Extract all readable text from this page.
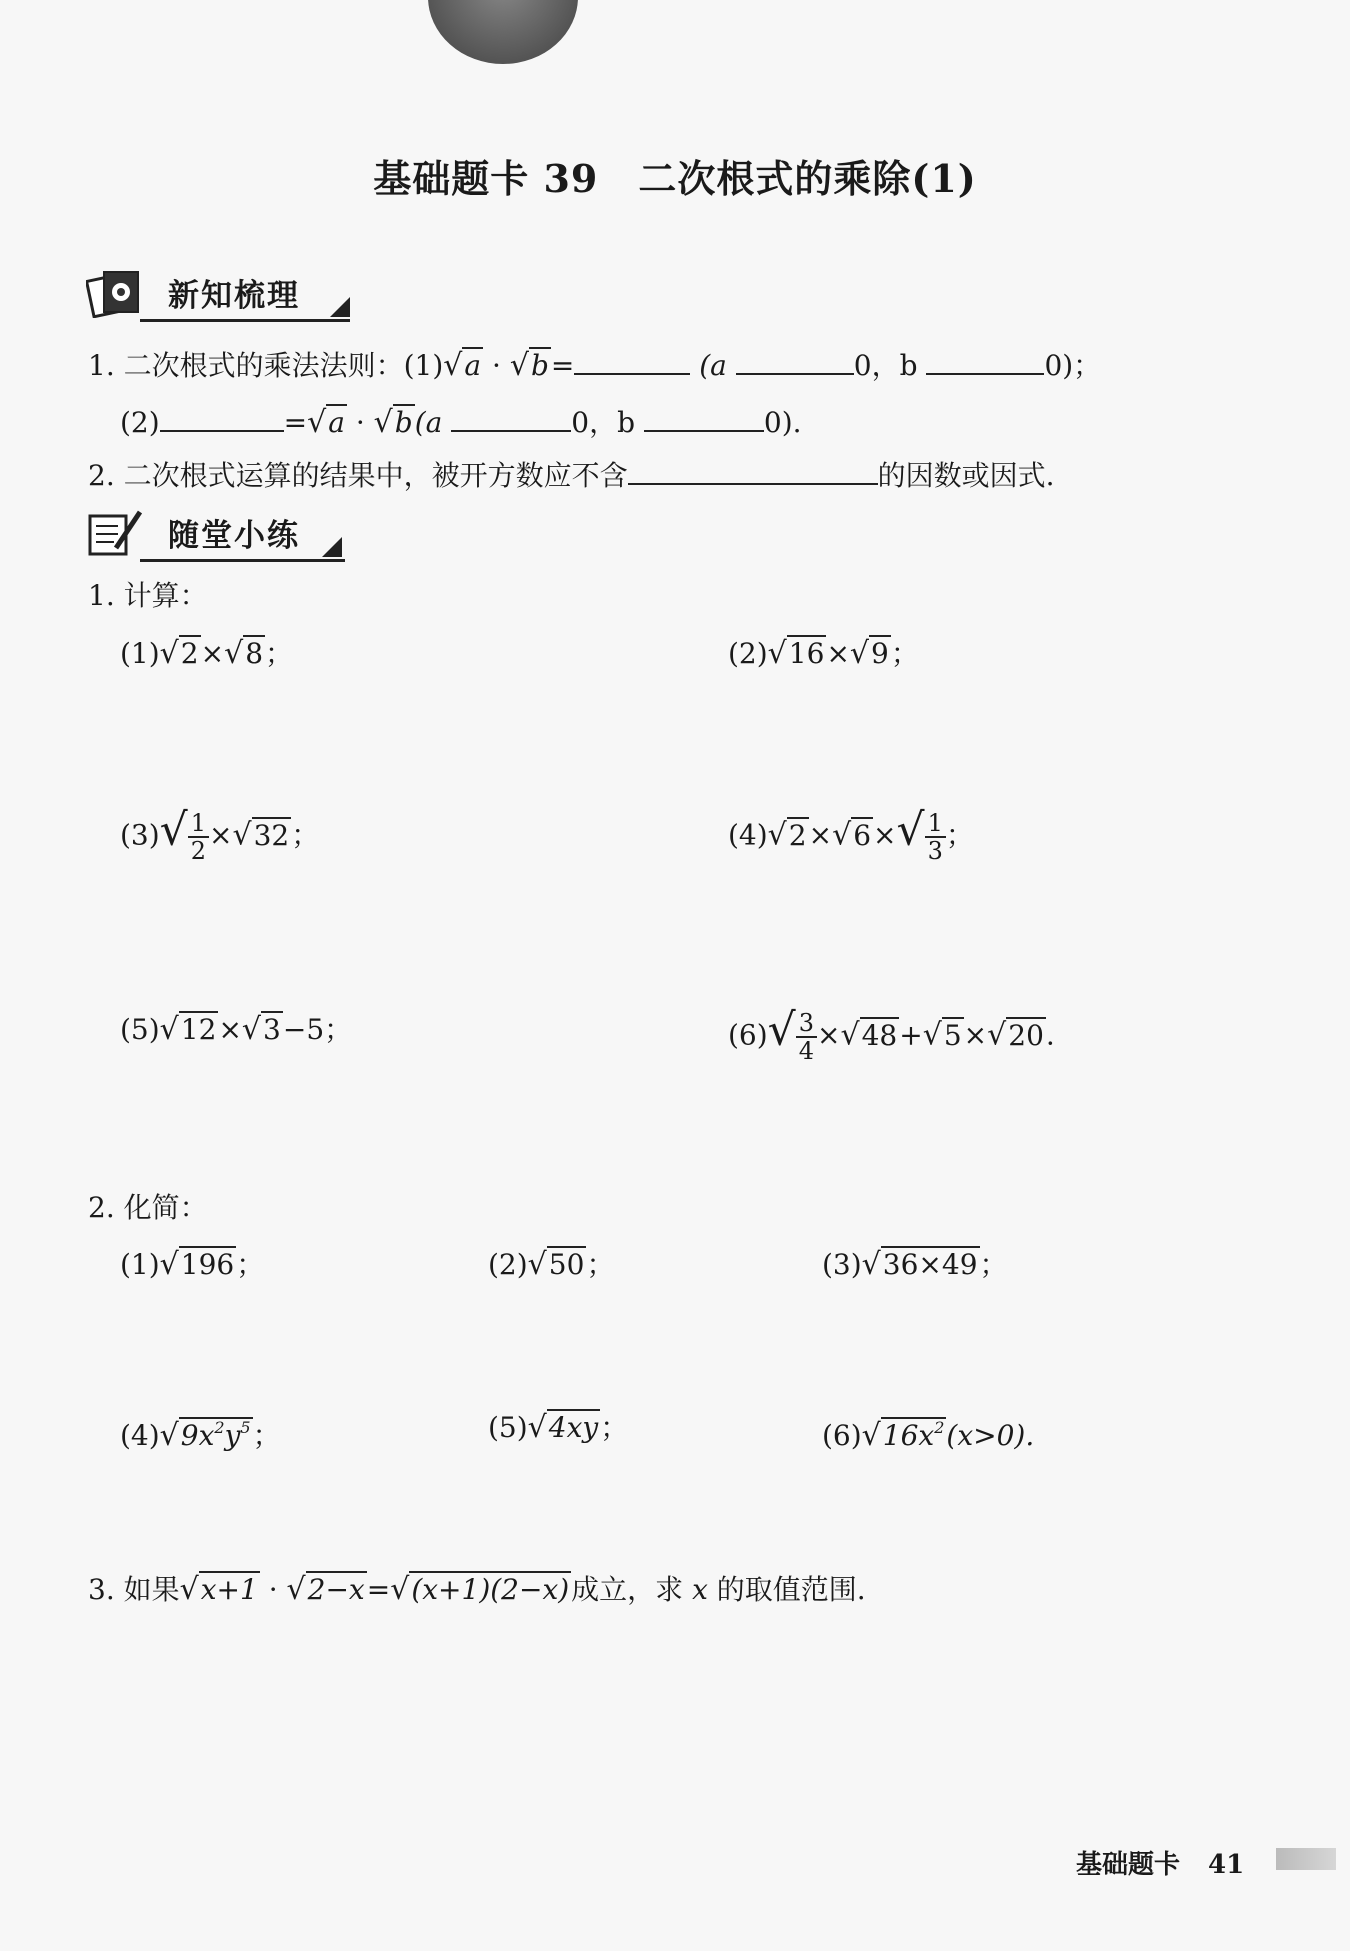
基础题卡 39 二次根式的乘除(1)
新知梳理
1. 二次根式的乘法法则：(1)√a · √b=	(a	0，b	0)；
(2)	=√a · √b(a	0，b	0).
2. 二次根式运算的结果中，被开方数应不含	的因数或因式.
随堂小练
1. 计算：
(1)√2×√8；	(2)√16×√9；
$(3)√ \frac{1}{2} \times√32$；	$(4)√2\times√6\times√ \frac{1}{3}$ ；
(5)√12×√3−5；	$(6)√ \frac{3}{4} \times√48+√5\times√20$.
2. 化简：
(1)√196；	(2)√50；	(3)√36×49；
$(4)√9x^2y^5$；	(5)√4xy；	$(6)√16x^2(x>0)$.
3. 如果√x+1 · √2−x=√(x+1)(2−x)成立，求 x 的取值范围.
基础题卡 41
